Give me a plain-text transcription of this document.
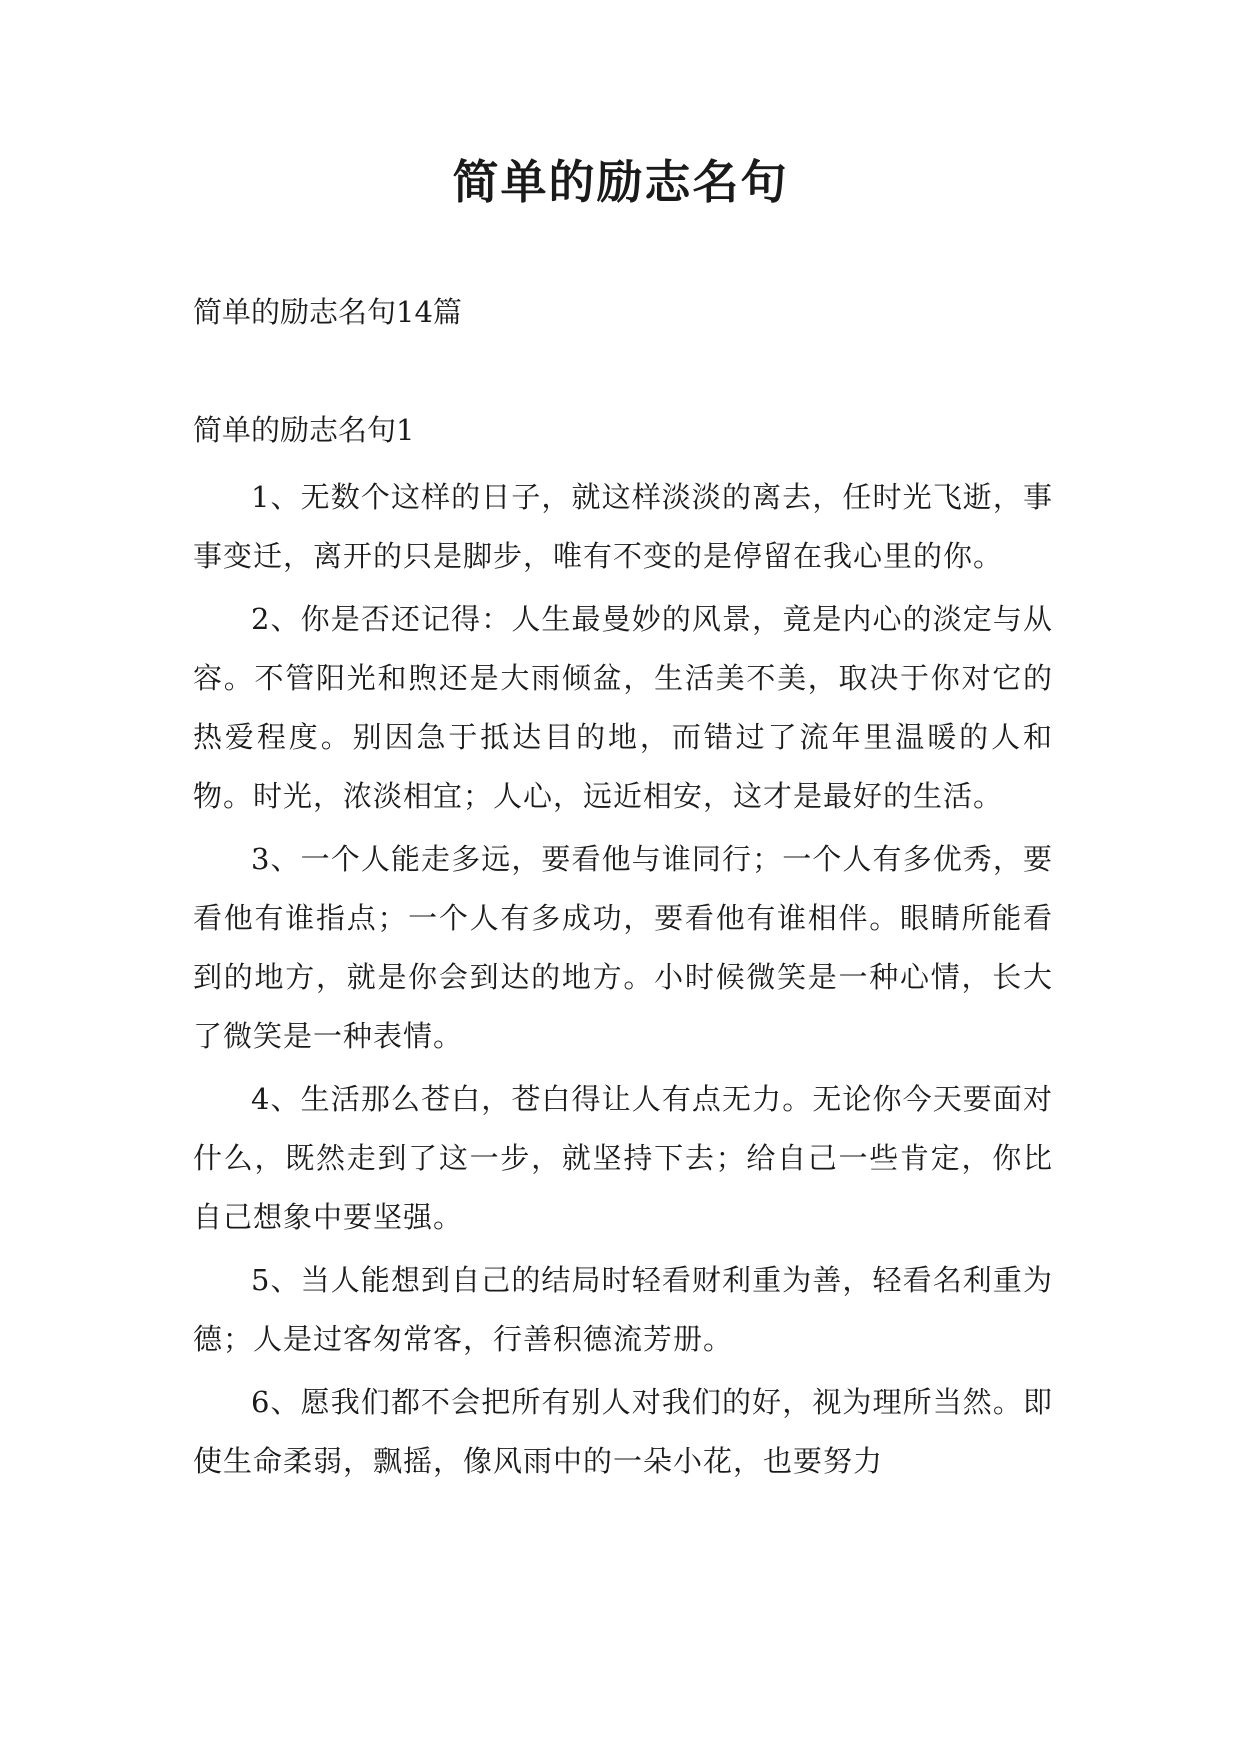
简单的励志名句

简单的励志名句14篇

简单的励志名句1

1、无数个这样的日子，就这样淡淡的离去，任时光飞逝，事事变迁，离开的只是脚步，唯有不变的是停留在我心里的你。

2、你是否还记得：人生最曼妙的风景，竟是内心的淡定与从容。不管阳光和煦还是大雨倾盆，生活美不美，取决于你对它的热爱程度。别因急于抵达目的地，而错过了流年里温暖的人和物。时光，浓淡相宜；人心，远近相安，这才是最好的生活。

3、一个人能走多远，要看他与谁同行；一个人有多优秀，要看他有谁指点；一个人有多成功，要看他有谁相伴。眼睛所能看到的地方，就是你会到达的地方。小时候微笑是一种心情，长大了微笑是一种表情。

4、生活那么苍白，苍白得让人有点无力。无论你今天要面对什么，既然走到了这一步，就坚持下去；给自己一些肯定，你比自己想象中要坚强。

5、当人能想到自己的结局时轻看财利重为善，轻看名利重为德；人是过客匆常客，行善积德流芳册。

6、愿我们都不会把所有别人对我们的好，视为理所当然。即使生命柔弱，飘摇，像风雨中的一朵小花，也要努力
